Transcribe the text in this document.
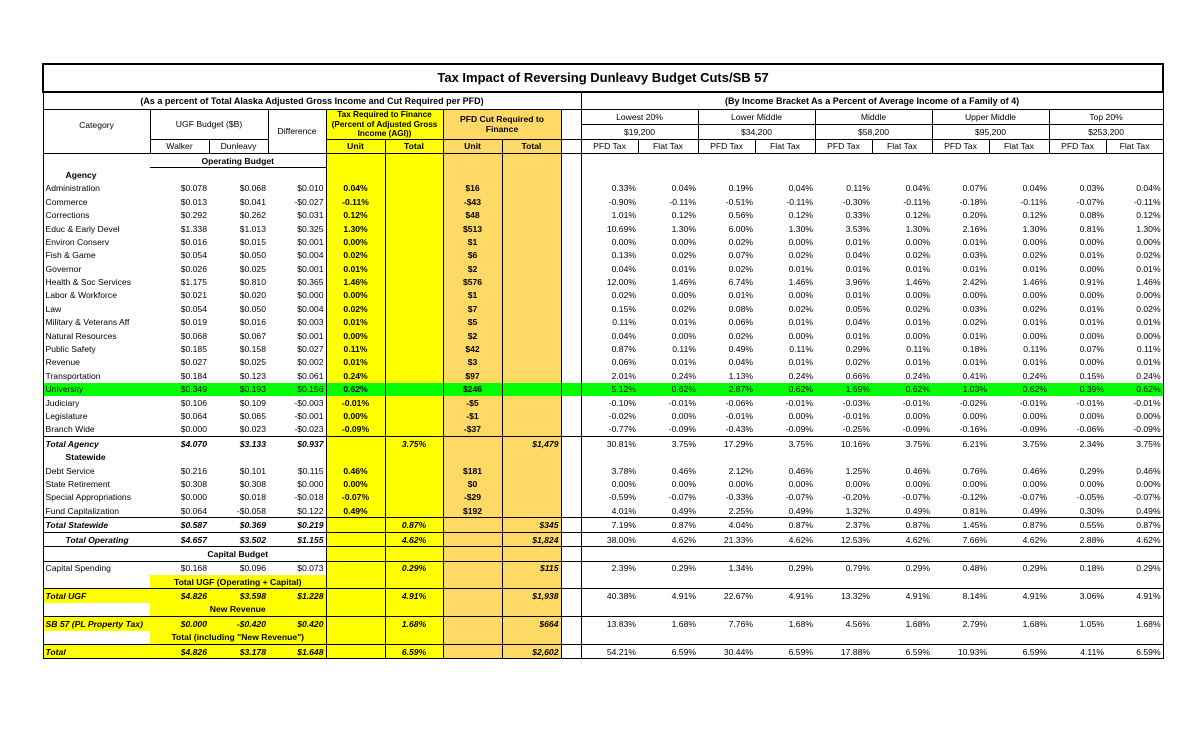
Tax Impact of Reversing Dunleavy Budget Cuts/SB 57																		
(As a percent of Total Alaska Adjusted Gross Income and Cut Required per PFD)									(By Income Bracket As a Percent of Average Income of a Family of 4)									
Category	UGF Budget ($B)		Difference	Tax Required to Finance (Percent of Adjusted Gross Income (AGI))		PFD Cut Required to Finance			Lowest 20%		Lower Middle		Middle		Upper Middle		Top 20%	
									$19,200		$34,200		$58,200		$95,200		$253,200	
	Walker	Dunleavy		Unit	Total	Unit	Total		PFD Tax	Flat Tax	PFD Tax	Flat Tax	PFD Tax	Flat Tax	PFD Tax	Flat Tax	PFD Tax	Flat Tax
	Operating Budget																	
Agency																		
Administration	$0.078	$0.068	$0.010	0.04%		$16			0.33%	0.04%	0.19%	0.04%	0.11%	0.04%	0.07%	0.04%	0.03%	0.04%
Commerce	$0.013	$0.041	-$0.027	-0.11%		-$43			-0.90%	-0.11%	-0.51%	-0.11%	-0.30%	-0.11%	-0.18%	-0.11%	-0.07%	-0.11%
Corrections	$0.292	$0.262	$0.031	0.12%		$48			1.01%	0.12%	0.56%	0.12%	0.33%	0.12%	0.20%	0.12%	0.08%	0.12%
Educ & Early Devel	$1.338	$1.013	$0.325	1.30%		$513			10.69%	1.30%	6.00%	1.30%	3.53%	1.30%	2.16%	1.30%	0.81%	1.30%
Environ Conserv	$0.016	$0.015	$0.001	0.00%		$1			0.00%	0.00%	0.02%	0.00%	0.01%	0.00%	0.01%	0.00%	0.00%	0.00%
Fish & Game	$0.054	$0.050	$0.004	0.02%		$6			0.13%	0.02%	0.07%	0.02%	0.04%	0.02%	0.03%	0.02%	0.01%	0.02%
Governor	$0.026	$0.025	$0.001	0.01%		$2			0.04%	0.01%	0.02%	0.01%	0.01%	0.01%	0.01%	0.01%	0.00%	0.01%
Health & Soc Services	$1.175	$0.810	$0.365	1.46%		$576			12.00%	1.46%	6.74%	1.46%	3.96%	1.46%	2.42%	1.46%	0.91%	1.46%
Labor & Workforce	$0.021	$0.020	$0.000	0.00%		$1			0.02%	0.00%	0.01%	0.00%	0.01%	0.00%	0.00%	0.00%	0.00%	0.00%
Law	$0.054	$0.050	$0.004	0.02%		$7			0.15%	0.02%	0.08%	0.02%	0.05%	0.02%	0.03%	0.02%	0.01%	0.02%
Military & Veterans Aff	$0.019	$0.016	$0.003	0.01%		$5			0.11%	0.01%	0.06%	0.01%	0.04%	0.01%	0.02%	0.01%	0.01%	0.01%
Natural Resources	$0.068	$0.067	$0.001	0.00%		$2			0.04%	0.00%	0.02%	0.00%	0.01%	0.00%	0.01%	0.00%	0.00%	0.00%
Public Safety	$0.185	$0.158	$0.027	0.11%		$42			0.87%	0.11%	0.49%	0.11%	0.29%	0.11%	0.18%	0.11%	0.07%	0.11%
Revenue	$0.027	$0.025	$0.002	0.01%		$3			0.06%	0.01%	0.04%	0.01%	0.02%	0.01%	0.01%	0.01%	0.00%	0.01%
Transportation	$0.184	$0.123	$0.061	0.24%		$97			2.01%	0.24%	1.13%	0.24%	0.66%	0.24%	0.41%	0.24%	0.15%	0.24%
University	$0.349	$0.193	$0.156	0.62%		$246			5.12%	0.62%	2.87%	0.62%	1.69%	0.62%	1.03%	0.62%	0.39%	0.62%
Judiciary	$0.106	$0.109	-$0.003	-0.01%		-$5			-0.10%	-0.01%	-0.06%	-0.01%	-0.03%	-0.01%	-0.02%	-0.01%	-0.01%	-0.01%
Legislature	$0.064	$0.065	-$0.001	0.00%		-$1			-0.02%	0.00%	-0.01%	0.00%	-0.01%	0.00%	0.00%	0.00%	0.00%	0.00%
Branch Wide	$0.000	$0.023	-$0.023	-0.09%		-$37			-0.77%	-0.09%	-0.43%	-0.09%	-0.25%	-0.09%	-0.16%	-0.09%	-0.06%	-0.09%
Total Agency	$4.070	$3.133	$0.937		3.75%		$1,479		30.81%	3.75%	17.29%	3.75%	10.16%	3.75%	6.21%	3.75%	2.34%	3.75%
Statewide																		
Debt Service	$0.216	$0.101	$0.115	0.46%		$181			3.78%	0.46%	2.12%	0.46%	1.25%	0.46%	0.76%	0.46%	0.29%	0.46%
State Retirement	$0.308	$0.308	$0.000	0.00%		$0			0.00%	0.00%	0.00%	0.00%	0.00%	0.00%	0.00%	0.00%	0.00%	0.00%
Special Appropriations	$0.000	$0.018	-$0.018	-0.07%		-$29			-0.59%	-0.07%	-0.33%	-0.07%	-0.20%	-0.07%	-0.12%	-0.07%	-0.05%	-0.07%
Fund Capitalization	$0.064	-$0.058	$0.122	0.49%		$192			4.01%	0.49%	2.25%	0.49%	1.32%	0.49%	0.81%	0.49%	0.30%	0.49%
Total Statewide	$0.587	$0.369	$0.219		0.87%		$345		7.19%	0.87%	4.04%	0.87%	2.37%	0.87%	1.45%	0.87%	0.55%	0.87%
Total Operating	$4.657	$3.502	$1.155		4.62%		$1,824		38.00%	4.62%	21.33%	4.62%	12.53%	4.62%	7.66%	4.62%	2.88%	4.62%
	Capital Budget																	
Capital Spending	$0.168	$0.096	$0.073		0.29%		$115		2.39%	0.29%	1.34%	0.29%	0.79%	0.29%	0.48%	0.29%	0.18%	0.29%
	Total UGF (Operating + Capital)																	
Total UGF	$4.826	$3.598	$1.228		4.91%		$1,938		40.38%	4.91%	22.67%	4.91%	13.32%	4.91%	8.14%	4.91%	3.06%	4.91%
	New Revenue																	
SB 57 (PL Property Tax)	$0.000	-$0.420	$0.420		1.68%		$664		13.83%	1.68%	7.76%	1.68%	4.56%	1.68%	2.79%	1.68%	1.05%	1.68%
	Total (including "New Revenue")																	
Total	$4.826	$3.178	$1.648		6.59%		$2,602		54.21%	6.59%	30.44%	6.59%	17.88%	6.59%	10.93%	6.59%	4.11%	6.59%
